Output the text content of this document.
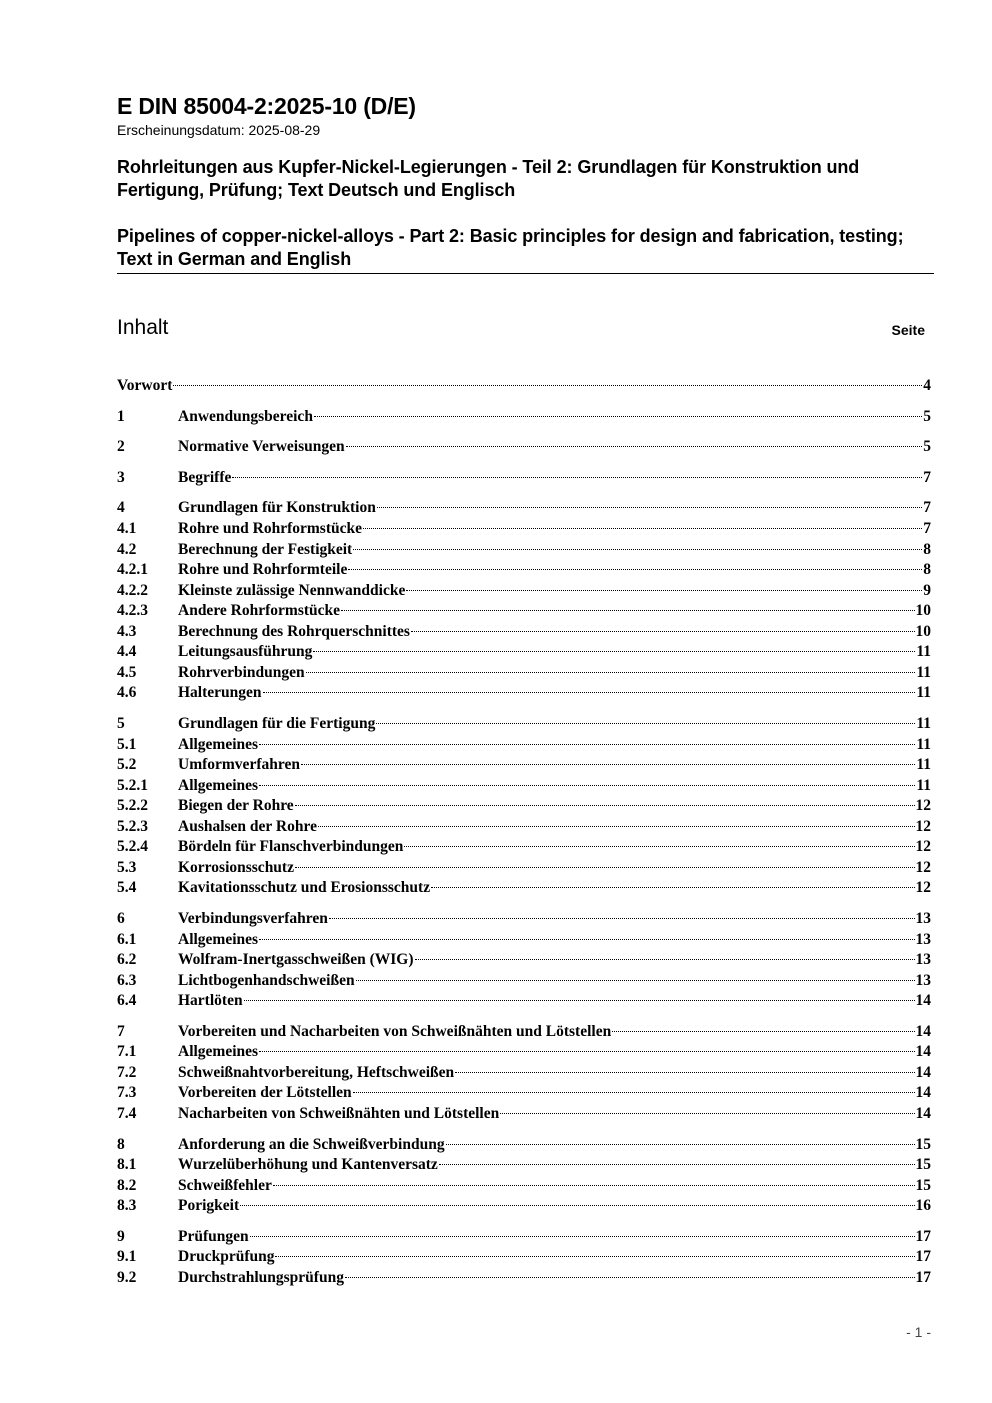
E DIN 85004-2:2025-10 (D/E)
Erscheinungsdatum: 2025-08-29
Rohrleitungen aus Kupfer-Nickel-Legierungen - Teil 2: Grundlagen für Konstruktion und Fertigung, Prüfung; Text Deutsch und Englisch
Pipelines of copper-nickel-alloys - Part 2: Basic principles for design and fabrication, testing; Text in German and English
Inhalt	Seite
Vorwort	4
1	Anwendungsbereich	5
2	Normative Verweisungen	5
3	Begriffe	7
4	Grundlagen für Konstruktion	7
4.1	Rohre und Rohrformstücke	7
4.2	Berechnung der Festigkeit	8
4.2.1	Rohre und Rohrformteile	8
4.2.2	Kleinste zulässige Nennwanddicke	9
4.2.3	Andere Rohrformstücke	10
4.3	Berechnung des Rohrquerschnittes	10
4.4	Leitungsausführung	11
4.5	Rohrverbindungen	11
4.6	Halterungen	11
5	Grundlagen für die Fertigung	11
5.1	Allgemeines	11
5.2	Umformverfahren	11
5.2.1	Allgemeines	11
5.2.2	Biegen der Rohre	12
5.2.3	Aushalsen der Rohre	12
5.2.4	Bördeln für Flanschverbindungen	12
5.3	Korrosionsschutz	12
5.4	Kavitationsschutz und Erosionsschutz	12
6	Verbindungsverfahren	13
6.1	Allgemeines	13
6.2	Wolfram-Inertgasschweißen (WIG)	13
6.3	Lichtbogenhandschweißen	13
6.4	Hartlöten	14
7	Vorbereiten und Nacharbeiten von Schweißnähten und Lötstellen	14
7.1	Allgemeines	14
7.2	Schweißnahtvorbereitung, Heftschweißen	14
7.3	Vorbereiten der Lötstellen	14
7.4	Nacharbeiten von Schweißnähten und Lötstellen	14
8	Anforderung an die Schweißverbindung	15
8.1	Wurzelüberhöhung und Kantenversatz	15
8.2	Schweißfehler	15
8.3	Porigkeit	16
9	Prüfungen	17
9.1	Druckprüfung	17
9.2	Durchstrahlungsprüfung	17
- 1 -
